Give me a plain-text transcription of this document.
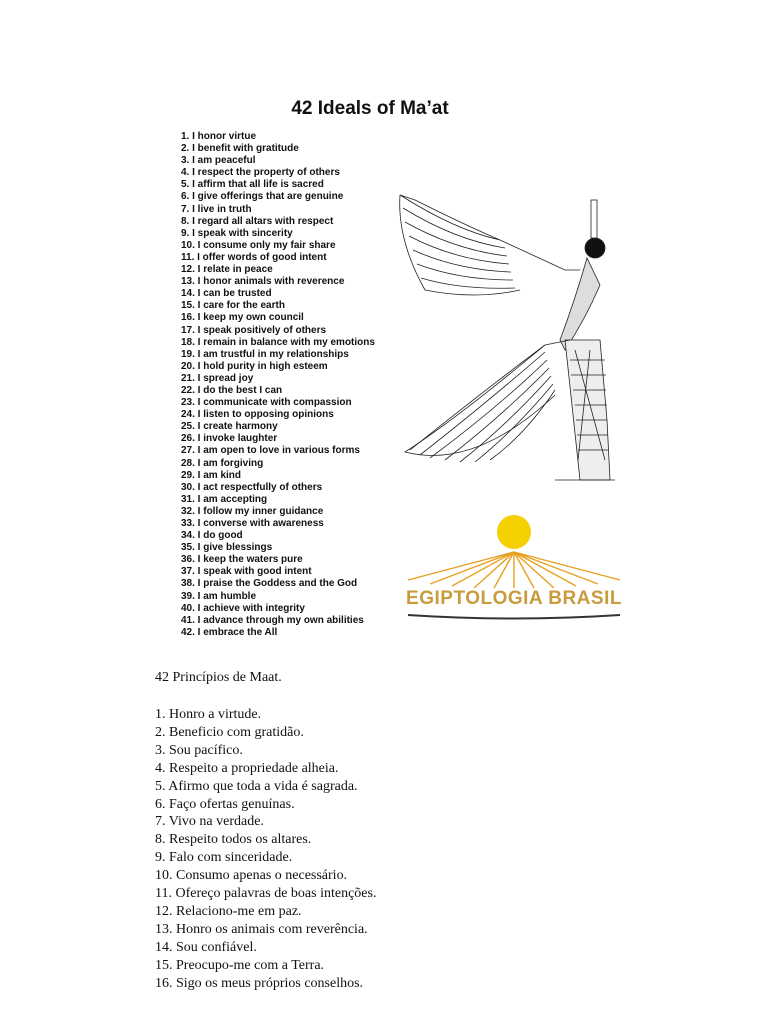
42 Ideals of Ma’at
1. I honor virtue
2. I benefit with gratitude
3. I am peaceful
4. I respect the property of others
5. I affirm that all life is sacred
6. I give offerings that are genuine
7. I live in truth
8. I regard all altars with respect
9. I speak with sincerity
10. I consume only my fair share
11. I offer words of good intent
12. I relate in peace
13. I honor animals with reverence
14. I can be trusted
15. I care for the earth
16. I keep my own council
17. I speak positively of others
18. I remain in balance with my emotions
19. I am trustful in my relationships
20. I hold purity in high esteem
21. I spread joy
22. I do the best I can
23. I communicate with compassion
24. I listen to opposing opinions
25. I create harmony
26. I invoke laughter
27. I am open to love in various forms
28. I am forgiving
29. I am kind
30. I act respectfully of others
31. I am accepting
32. I follow my inner guidance
33. I converse with awareness
34. I do good
35. I give blessings
36. I keep the waters pure
37. I speak with good intent
38. I praise the Goddess and the God
39. I am humble
40. I achieve with integrity
41. I advance through my own abilities
42. I embrace the All
EGIPTOLOGIA BRASIL
42 Princípios de Maat.
1. Honro a virtude.
2. Beneficio com gratidão.
3. Sou pacífico.
4. Respeito a propriedade alheia.
5. Afirmo que toda a vida é sagrada.
6. Faço ofertas genuínas.
7. Vivo na verdade.
8. Respeito todos os altares.
9. Falo com sinceridade.
10. Consumo apenas o necessário.
11. Ofereço palavras de boas intenções.
12. Relaciono-me em paz.
13. Honro os animais com reverência.
14. Sou confiável.
15. Preocupo-me com a Terra.
16. Sigo os meus próprios conselhos.
